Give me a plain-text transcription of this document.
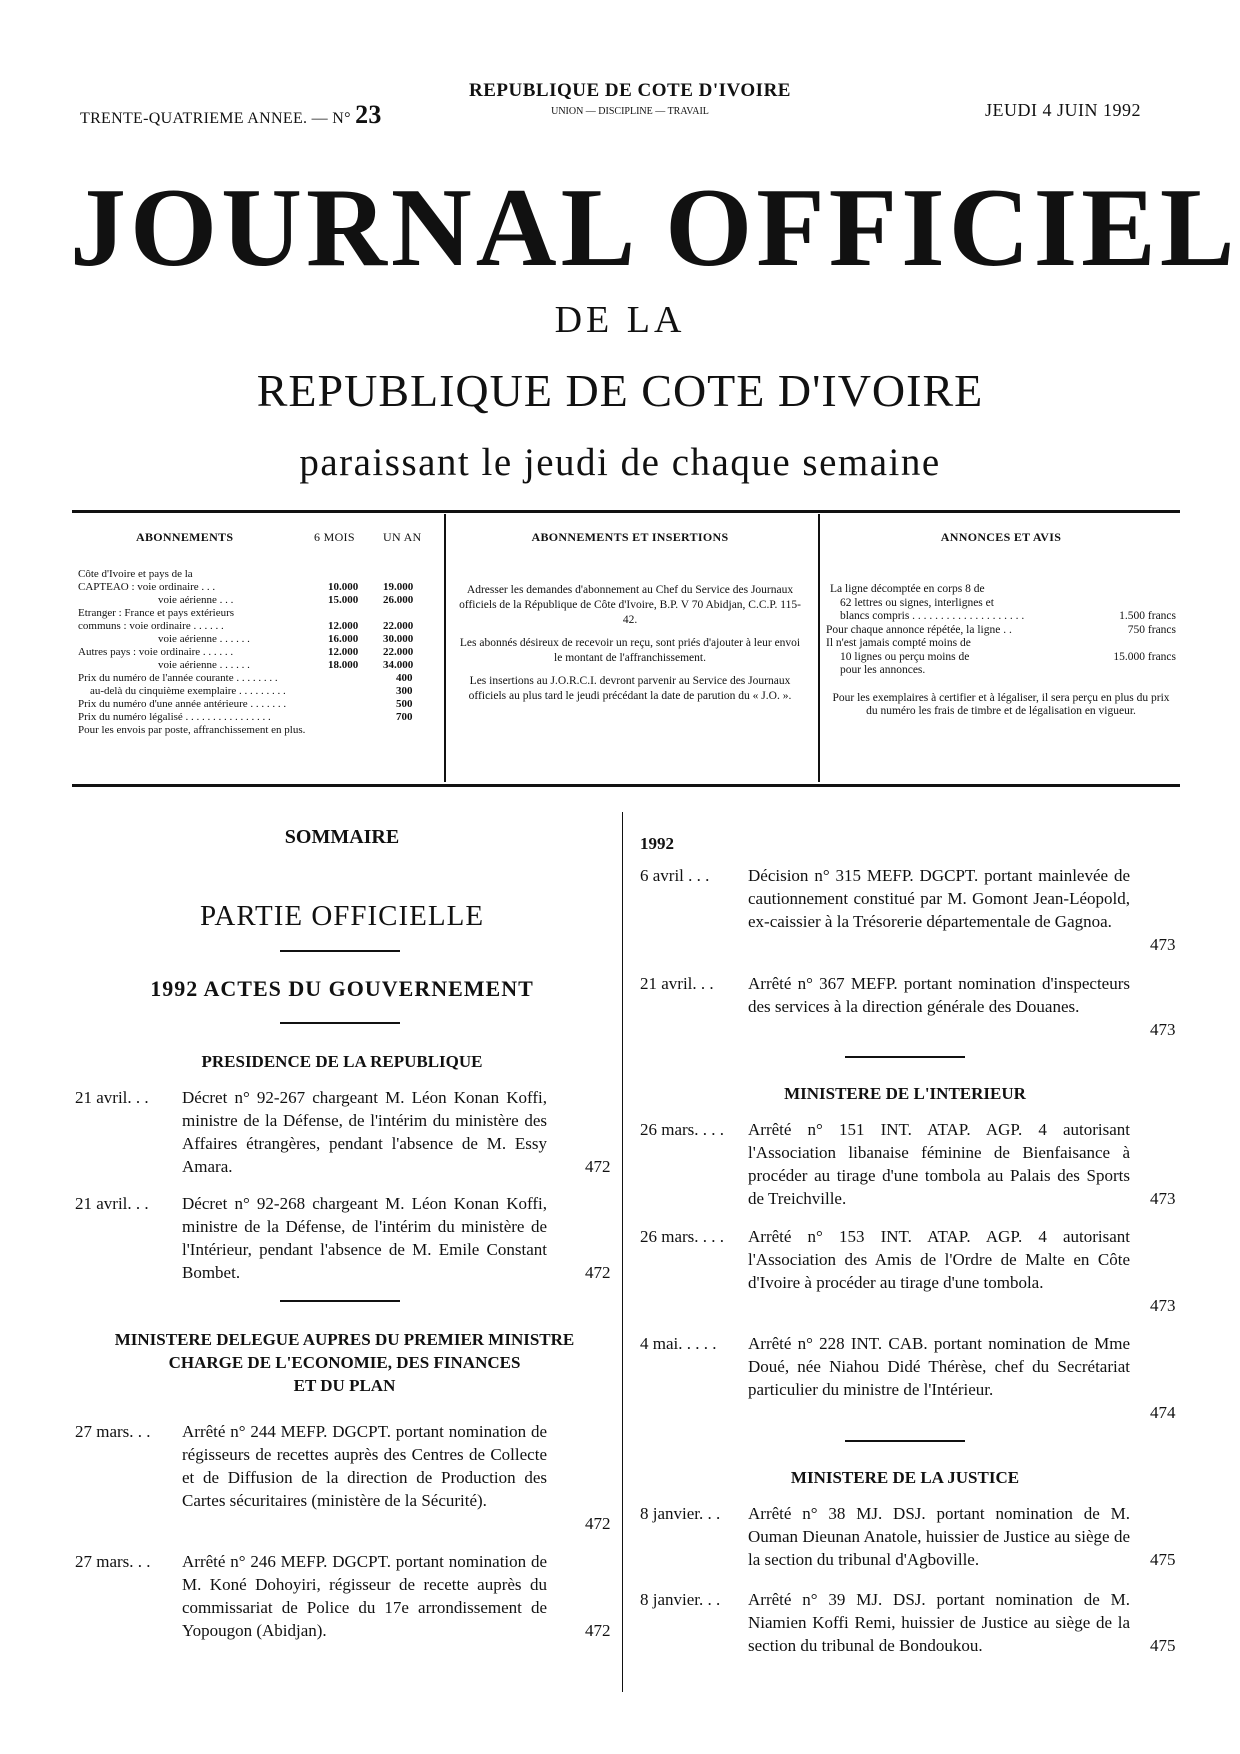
TRENTE-QUATRIEME ANNEE. — N° 23
REPUBLIQUE DE COTE D'IVOIRE
UNION — DISCIPLINE — TRAVAIL	JEUDI 4 JUIN 1992
JOURNAL OFFICIEL
DE LA
REPUBLIQUE DE COTE D'IVOIRE
paraissant le jeudi de chaque semaine
ABONNEMENTS	6 MOIS UN AN
Côte d'Ivoire et pays de la
CAPTEAO : voie ordinaire . . .	10.000 19.000
voie aérienne . . .	15.000 26.000
Etranger : France et pays extérieurs
communs : voie ordinaire . . . . . .	12.000 22.000
voie aérienne . . . . . .	16.000 30.000
Autres pays : voie ordinaire . . . . . .	12.000 22.000
voie aérienne . . . . . .	18.000 34.000
Prix du numéro de l'année courante . . . . . . . .	400
au-delà du cinquième exemplaire . . . . . . . . .	300
Prix du numéro d'une année antérieure . . . . . . .	500
Prix du numéro légalisé . . . . . . . . . . . . . . . .	700
Pour les envois par poste, affranchissement en plus.
ABONNEMENTS ET INSERTIONS

Adresser les demandes d'abonnement au Chef du Service des Journaux officiels de la République de Côte d'Ivoire, B.P. V 70 Abidjan, C.C.P. 115-42.

Les abonnés désireux de recevoir un reçu, sont priés d'ajouter à leur envoi le montant de l'affranchissement.

Les insertions au J.O.R.C.I. devront parvenir au Service des Journaux officiels au plus tard le jeudi précédant la date de parution du « J.O. ».

ANNONCES ET AVIS
La ligne décomptée en corps 8 de
62 lettres ou signes, interlignes et
blancs compris . . . . . . . . . . . . . . . . . . . .	1.500 francs
Pour chaque annonce répétée, la ligne . .	750 francs
Il n'est jamais compté moins de
10 lignes ou perçu moins de	15.000 francs
pour les annonces.
Pour les exemplaires à certifier et à légaliser, il sera perçu en plus du prix du numéro les frais de timbre et de légalisation en vigueur.
SOMMAIRE
PARTIE OFFICIELLE
1992 ACTES DU GOUVERNEMENT
PRESIDENCE DE LA REPUBLIQUE
21 avril. . . Décret n° 92-267 chargeant M. Léon Konan Koffi, ministre de la Défense, de l'intérim du ministère des Affaires étrangères, pendant l'absence de M. Essy Amara.	472
21 avril. . . Décret n° 92-268 chargeant M. Léon Konan Koffi, ministre de la Défense, de l'intérim du ministère de l'Intérieur, pendant l'absence de M. Emile Constant Bombet.	472
MINISTERE DELEGUE AUPRES DU PREMIER MINISTRE
CHARGE DE L'ECONOMIE, DES FINANCES
ET DU PLAN
27 mars. . . Arrêté n° 244 MEFP. DGCPT. portant nomination de régisseurs de recettes auprès des Centres de Collecte et de Diffusion de la direction de Production des Cartes sécuritaires (ministère de la Sécurité).
472
27 mars. . . Arrêté n° 246 MEFP. DGCPT. portant nomination de M. Koné Dohoyiri, régisseur de recette auprès du commissariat de Police du 17e arrondissement de Yopougon (Abidjan).	472
1992
6 avril . . . Décision n° 315 MEFP. DGCPT. portant mainlevée de cautionnement constitué par M. Gomont Jean-Léopold, ex-caissier à la Trésorerie départementale de Gagnoa.
473
21 avril. . . Arrêté n° 367 MEFP. portant nomination d'inspecteurs des services à la direction générale des Douanes.
473
MINISTERE DE L'INTERIEUR
26 mars. . . . Arrêté n° 151 INT. ATAP. AGP. 4 autorisant l'Association libanaise féminine de Bienfaisance à procéder au tirage d'une tombola au Palais des Sports de Treichville.	473
26 mars. . . . Arrêté n° 153 INT. ATAP. AGP. 4 autorisant l'Association des Amis de l'Ordre de Malte en Côte d'Ivoire à procéder au tirage d'une tombola.
473
4 mai. . . . . Arrêté n° 228 INT. CAB. portant nomination de Mme Doué, née Niahou Didé Thérèse, chef du Secrétariat particulier du ministre de l'Intérieur.
474
MINISTERE DE LA JUSTICE
8 janvier. . . Arrêté n° 38 MJ. DSJ. portant nomination de M. Ouman Dieunan Anatole, huissier de Justice au siège de la section du tribunal d'Agboville.	475
8 janvier. . . Arrêté n° 39 MJ. DSJ. portant nomination de M. Niamien Koffi Remi, huissier de Justice au siège de la section du tribunal de Bondoukou.	475
